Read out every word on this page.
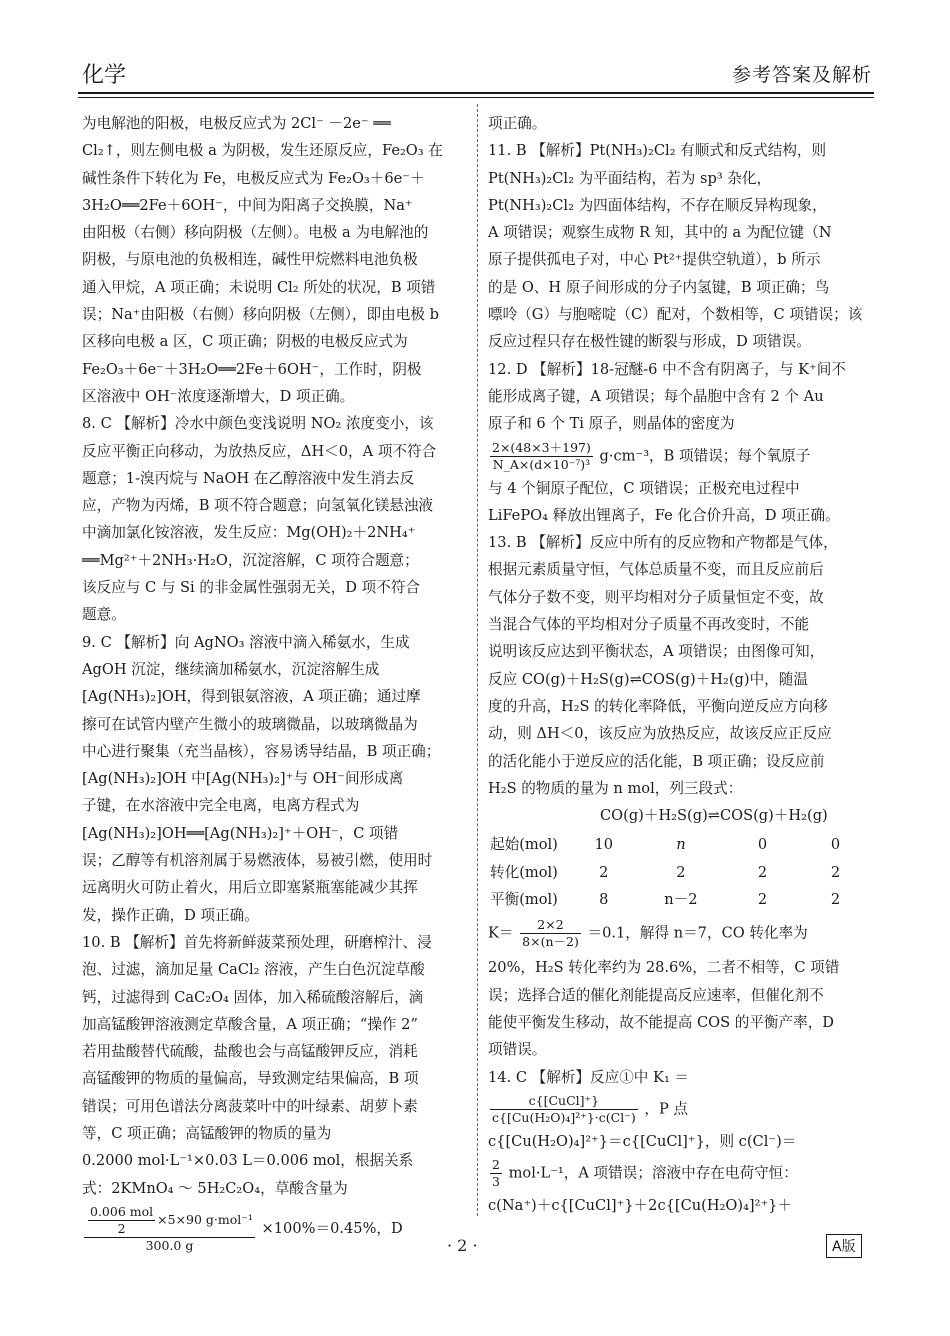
化学	参考答案及解析
为电解池的阳极，电极反应式为 2Cl⁻ －2e⁻ ══
Cl₂↑，则左侧电极 a 为阴极，发生还原反应，Fe₂O₃ 在
碱性条件下转化为 Fe，电极反应式为 Fe₂O₃＋6e⁻＋
3H₂O══2Fe＋6OH⁻，中间为阳离子交换膜，Na⁺
由阳极（右侧）移向阴极（左侧）。电极 a 为电解池的
阴极，与原电池的负极相连，碱性甲烷燃料电池负极
通入甲烷，A 项正确；未说明 Cl₂ 所处的状况，B 项错
误；Na⁺由阳极（右侧）移向阴极（左侧），即由电极 b
区移向电极 a 区，C 项正确；阴极的电极反应式为
Fe₂O₃＋6e⁻＋3H₂O══2Fe＋6OH⁻，工作时，阴极
区溶液中 OH⁻浓度逐渐增大，D 项正确。
8. C 【解析】冷水中颜色变浅说明 NO₂ 浓度变小，该
反应平衡正向移动，为放热反应，ΔH＜0，A 项不符合
题意；1-溴丙烷与 NaOH 在乙醇溶液中发生消去反
应，产物为丙烯，B 项不符合题意；向氢氧化镁悬浊液
中滴加氯化铵溶液，发生反应：Mg(OH)₂＋2NH₄⁺
══Mg²⁺＋2NH₃·H₂O，沉淀溶解，C 项符合题意；
该反应与 C 与 Si 的非金属性强弱无关，D 项不符合
题意。
9. C 【解析】向 AgNO₃ 溶液中滴入稀氨水，生成
AgOH 沉淀，继续滴加稀氨水，沉淀溶解生成
[Ag(NH₃)₂]OH，得到银氨溶液，A 项正确；通过摩
擦可在试管内壁产生微小的玻璃微晶，以玻璃微晶为
中心进行聚集（充当晶核），容易诱导结晶，B 项正确；
[Ag(NH₃)₂]OH 中[Ag(NH₃)₂]⁺与 OH⁻间形成离
子键，在水溶液中完全电离，电离方程式为
[Ag(NH₃)₂]OH══[Ag(NH₃)₂]⁺＋OH⁻，C 项错
误；乙醇等有机溶剂属于易燃液体，易被引燃，使用时
远离明火可防止着火，用后立即塞紧瓶塞能减少其挥
发，操作正确，D 项正确。
10. B 【解析】首先将新鲜菠菜预处理，研磨榨汁、浸
泡、过滤，滴加足量 CaCl₂ 溶液，产生白色沉淀草酸
钙，过滤得到 CaC₂O₄ 固体，加入稀硫酸溶解后，滴
加高锰酸钾溶液测定草酸含量，A 项正确；“操作 2”
若用盐酸替代硫酸，盐酸也会与高锰酸钾反应，消耗
高锰酸钾的物质的量偏高，导致测定结果偏高，B 项
错误；可用色谱法分离菠菜叶中的叶绿素、胡萝卜素
等，C 项正确；高锰酸钾的物质的量为
0.2000 mol·L⁻¹×0.03 L＝0.006 mol，根据关系
式：2KMnO₄ ～ 5H₂C₂O₄，草酸含量为
$\frac{\frac{\text{0.006 mol}}{2} \times 5\times 90 g\cdot mol^{-1}}{300.0 g} \times 100\%=0.45\%$，D
项正确。
11. B 【解析】Pt(NH₃)₂Cl₂ 有顺式和反式结构，则
Pt(NH₃)₂Cl₂ 为平面结构，若为 sp³ 杂化，
Pt(NH₃)₂Cl₂ 为四面体结构，不存在顺反异构现象，
A 项错误；观察生成物 R 知，其中的 a 为配位键（N
原子提供孤电子对，中心 Pt²⁺提供空轨道），b 所示
的是 O、H 原子间形成的分子内氢键，B 项正确；鸟
嘌呤（G）与胞嘧啶（C）配对，个数相等，C 项错误；该
反应过程只存在极性键的断裂与形成，D 项错误。
12. D 【解析】18-冠醚-6 中不含有阴离子，与 K⁺间不
能形成离子键，A 项错误；每个晶胞中含有 2 个 Au
原子和 6 个 Ti 原子，则晶体的密度为
$\frac{2\times(48\times 3+197)}{\text{N\_A×(d×10⁻⁷)³}} g\cdot cm^{-3}$，B 项错误；每个氧原子
与 4 个铜原子配位，C 项错误；正极充电过程中
LiFePO₄ 释放出锂离子，Fe 化合价升高，D 项正确。
13. B 【解析】反应中所有的反应物和产物都是气体，
根据元素质量守恒，气体总质量不变，而且反应前后
气体分子数不变，则平均相对分子质量恒定不变，故
当混合气体的平均相对分子质量不再改变时，不能
说明该反应达到平衡状态，A 项错误；由图像可知，
反应 CO(g)＋H₂S(g)⇌COS(g)＋H₂(g)中，随温
度的升高，H₂S 的转化率降低，平衡向逆反应方向移
动，则 ΔH＜0，该反应为放热反应，故该反应正反应
的活化能小于逆反应的活化能，B 项正确；设反应前
H₂S 的物质的量为 n mol，列三段式：
CO(g)＋H₂S(g)⇌COS(g)＋H₂(g)
起始(mol)	10	n	0	0
转化(mol)	2	2	2	2
平衡(mol)	8	n－2	2	2
$K= \frac{2\times 2}{8\times(n-2)} =0.1$，解得 n＝7，CO 转化率为
20%，H₂S 转化率约为 28.6%，二者不相等，C 项错
误；选择合适的催化剂能提高反应速率，但催化剂不
能使平衡发生移动，故不能提高 COS 的平衡产率，D
项错误。
14. C 【解析】反应①中 K₁ ＝
$\frac{\text{c\{[CuCl]⁺\}}}{\text{c\{[Cu(H₂O)₄]²⁺\}·c(Cl⁻)}}$ ，P 点
c{[Cu(H₂O)₄]²⁺}＝c{[CuCl]⁺}，则 c(Cl⁻)＝
$\frac{2}{3} mol\cdot L^{-1}$，A 项错误；溶液中存在电荷守恒：
c(Na⁺)＋c{[CuCl]⁺}＋2c{[Cu(H₂O)₄]²⁺}＋
· 2 ·	A版
